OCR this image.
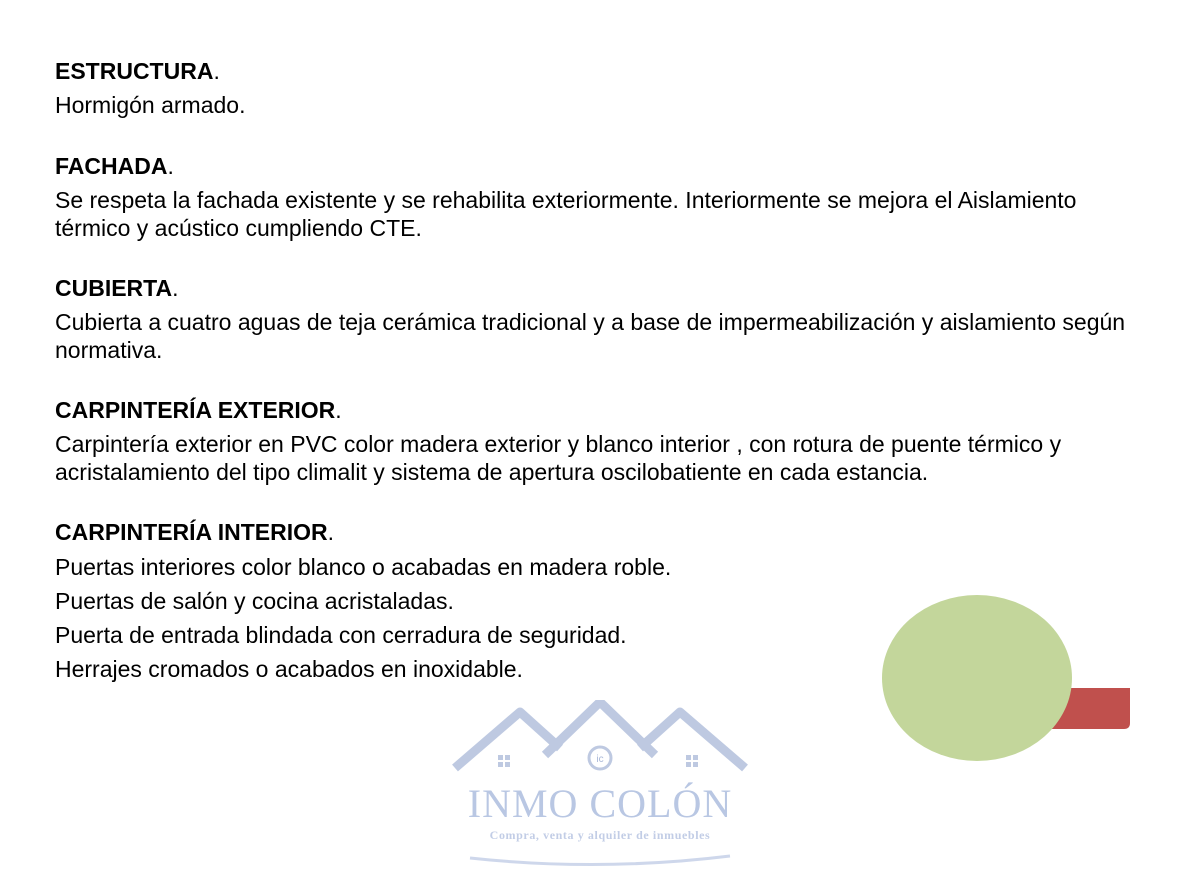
ESTRUCTURA.

Hormigón armado.

FACHADA.

Se respeta la fachada existente y se rehabilita exteriormente. Interiormente se mejora el Aislamiento térmico y acústico cumpliendo CTE.

CUBIERTA.

Cubierta a cuatro aguas de teja cerámica tradicional y a base de impermeabilización y aislamiento según normativa.

CARPINTERÍA EXTERIOR.

Carpintería exterior en PVC color madera exterior y blanco interior , con rotura de puente térmico y acristalamiento del tipo climalit y sistema de apertura oscilobatiente en cada estancia.

CARPINTERÍA INTERIOR.

Puertas interiores color blanco o acabadas en madera roble.

Puertas de salón y cocina acristaladas.

Puerta de entrada blindada con cerradura de seguridad.

Herrajes cromados o acabados en inoxidable.

ic
INMO COLÓN
Compra, venta y alquiler de inmuebles
